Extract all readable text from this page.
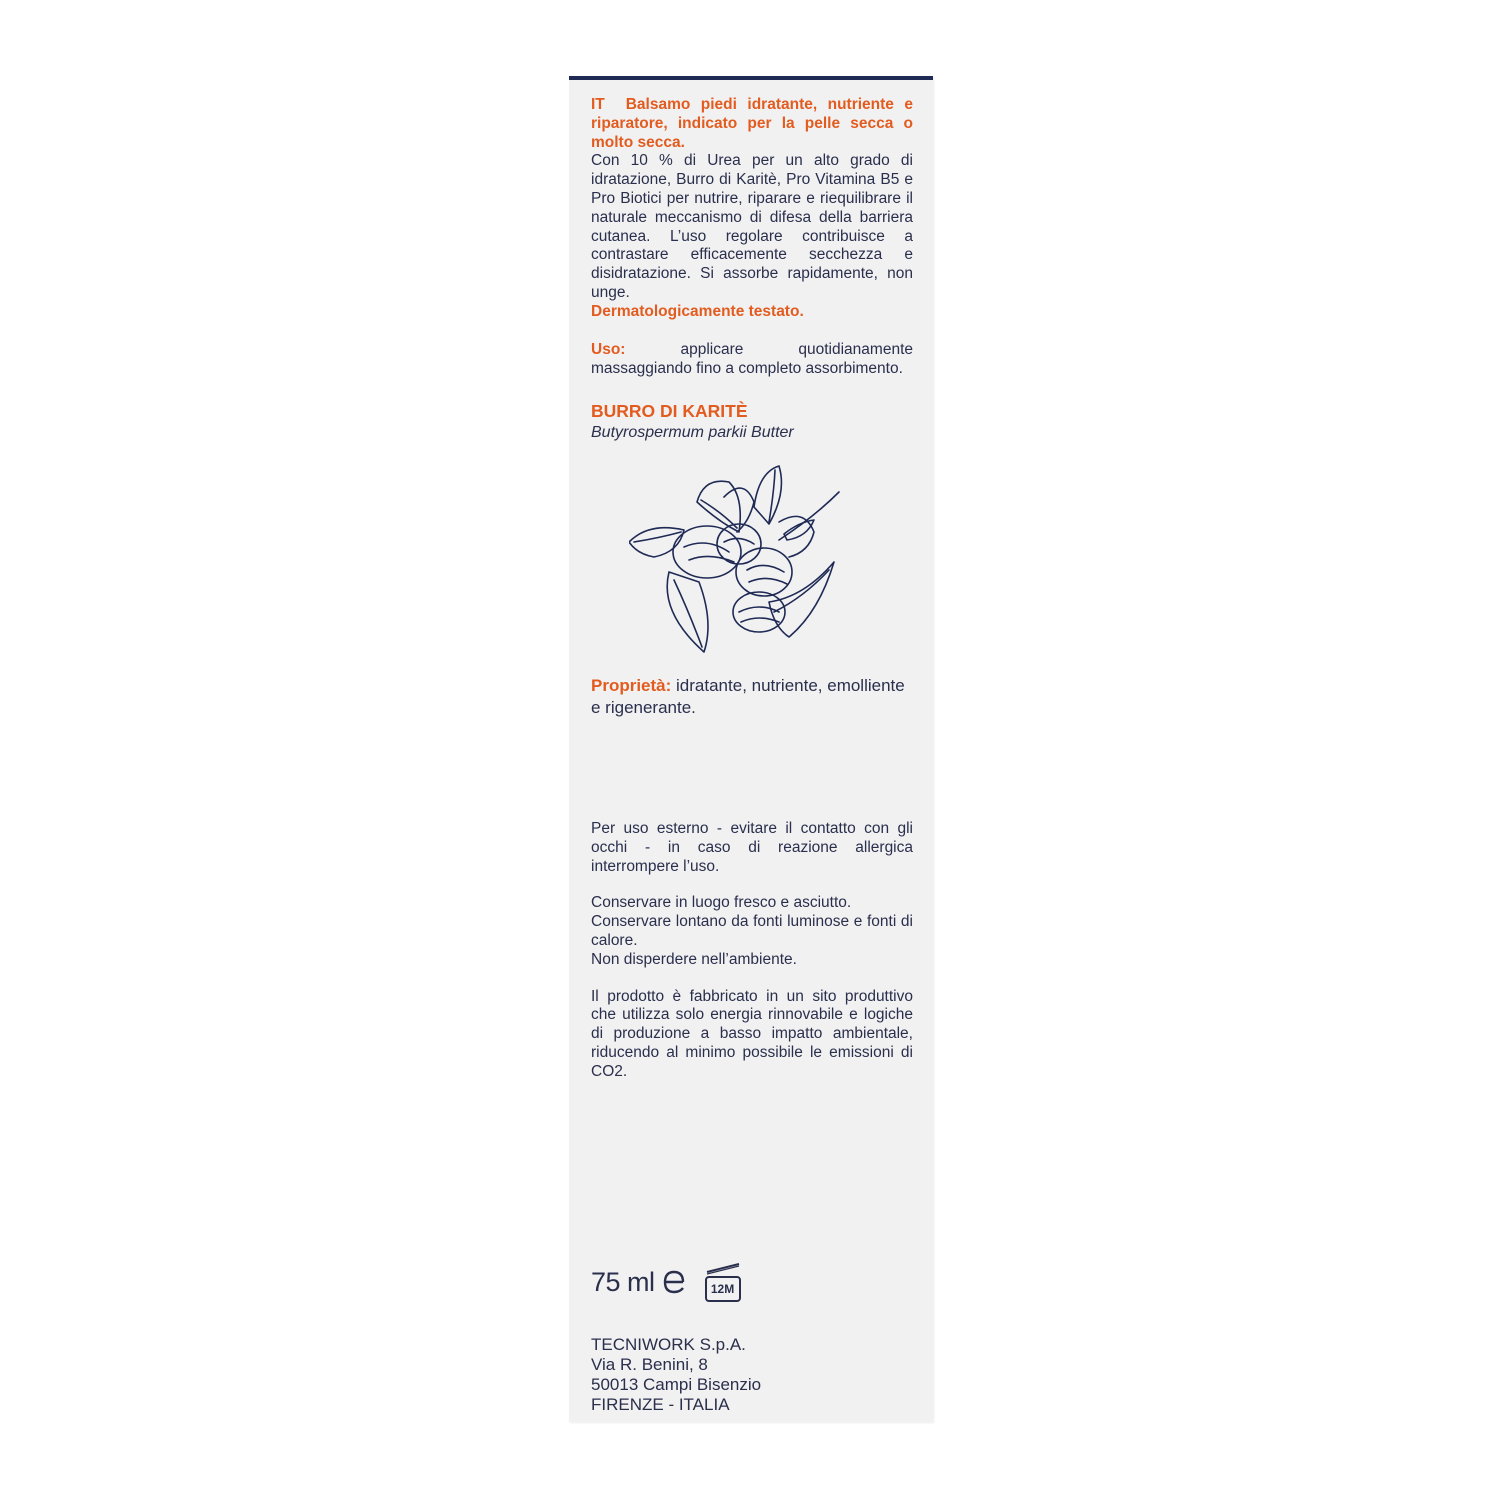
IT Balsamo piedi idratante, nutriente e riparatore, indicato per la pelle secca o molto secca.

Con 10 % di Urea per un alto grado di idratazione, Burro di Karitè, Pro Vitamina B5 e Pro Biotici per nutrire, riparare e riequilibrare il naturale meccanismo di difesa della barriera cutanea. L’uso regolare contribuisce a contrastare efficacemente secchezza e disidratazione. Si assorbe rapidamente, non unge.

Dermatologicamente testato.

Uso:	applicare quotidianamente massaggiando fino a completo assorbimento.

BURRO DI KARITÈ

Butyrospermum parkii Butter

Proprietà: idratante, nutriente, emolliente e rigenerante.

Per uso esterno - evitare il contatto con gli occhi - in caso di reazione allergica interrompere l’uso.

Conservare in luogo fresco e asciutto.

Conservare lontano da fonti luminose e fonti di calore.

Non disperdere nell’ambiente.

Il prodotto è fabbricato in un sito produttivo che utilizza solo energia rinnovabile e logiche di produzione a basso impatto ambientale, riducendo al minimo possibile le emissioni di CO2.

75 ml	12M
TECNIWORK S.p.A.
Via R. Benini, 8
50013 Campi Bisenzio
FIRENZE - ITALIA
